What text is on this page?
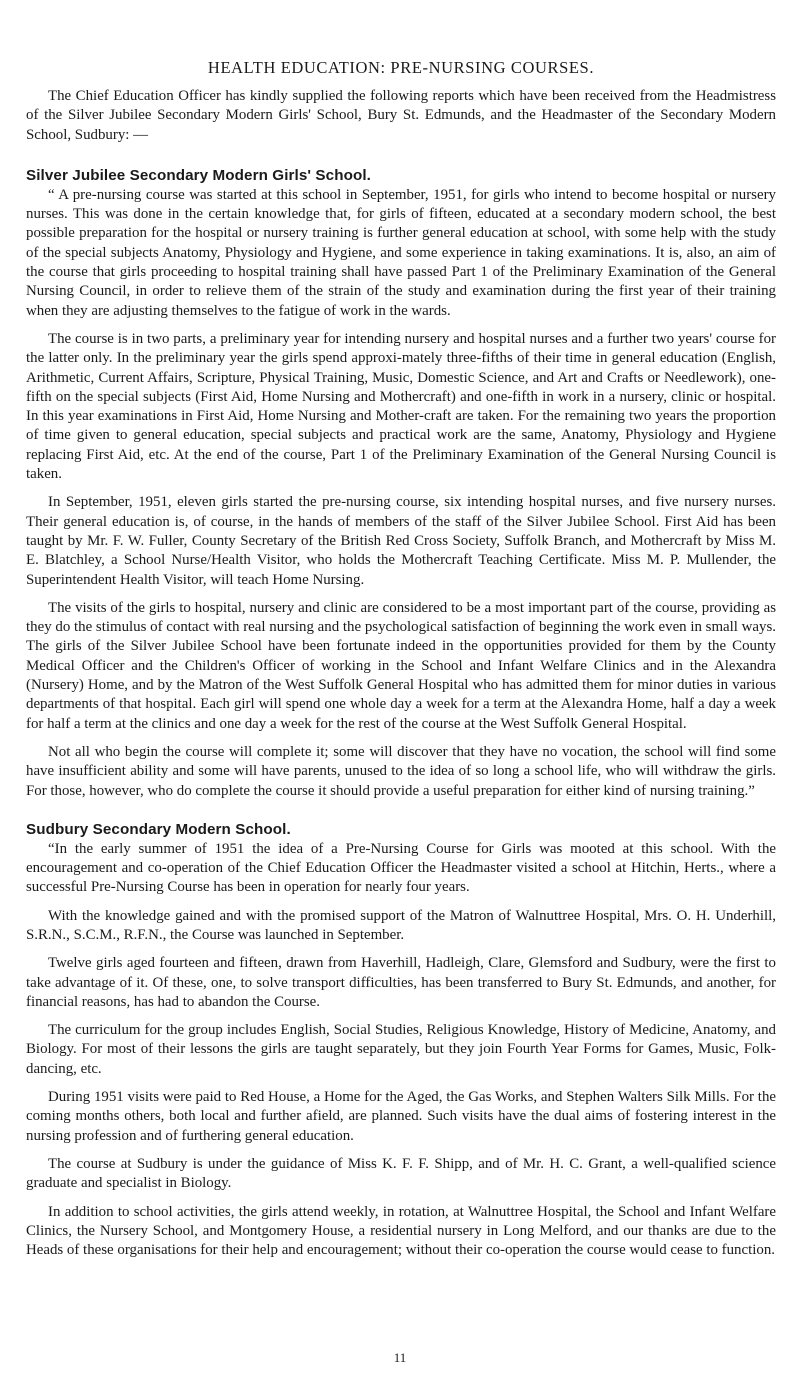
HEALTH EDUCATION: PRE-NURSING COURSES.

The Chief Education Officer has kindly supplied the following reports which have been received from the Headmistress of the Silver Jubilee Secondary Modern Girls' School, Bury St. Edmunds, and the Headmaster of the Secondary Modern School, Sudbury: —

Silver Jubilee Secondary Modern Girls' School.

“ A pre-nursing course was started at this school in September, 1951, for girls who intend to become hospital or nursery nurses. This was done in the certain knowledge that, for girls of fifteen, educated at a secondary modern school, the best possible preparation for the hospital or nursery training is further general education at school, with some help with the study of the special subjects Anatomy, Physiology and Hygiene, and some experience in taking examinations. It is, also, an aim of the course that girls proceeding to hospital training shall have passed Part 1 of the Preliminary Examination of the General Nursing Council, in order to relieve them of the strain of the study and examination during the first year of their training when they are adjusting themselves to the fatigue of work in the wards.

The course is in two parts, a preliminary year for intending nursery and hospital nurses and a further two years' course for the latter only. In the preliminary year the girls spend approxi-mately three-fifths of their time in general education (English, Arithmetic, Current Affairs, Scripture, Physical Training, Music, Domestic Science, and Art and Crafts or Needlework), one-fifth on the special subjects (First Aid, Home Nursing and Mothercraft) and one-fifth in work in a nursery, clinic or hospital. In this year examinations in First Aid, Home Nursing and Mother-craft are taken. For the remaining two years the proportion of time given to general education, special subjects and practical work are the same, Anatomy, Physiology and Hygiene replacing First Aid, etc. At the end of the course, Part 1 of the Preliminary Examination of the General Nursing Council is taken.

In September, 1951, eleven girls started the pre-nursing course, six intending hospital nurses, and five nursery nurses. Their general education is, of course, in the hands of members of the staff of the Silver Jubilee School. First Aid has been taught by Mr. F. W. Fuller, County Secretary of the British Red Cross Society, Suffolk Branch, and Mothercraft by Miss M. E. Blatchley, a School Nurse/Health Visitor, who holds the Mothercraft Teaching Certificate. Miss M. P. Mullender, the Superintendent Health Visitor, will teach Home Nursing.

The visits of the girls to hospital, nursery and clinic are considered to be a most important part of the course, providing as they do the stimulus of contact with real nursing and the psychological satisfaction of beginning the work even in small ways. The girls of the Silver Jubilee School have been fortunate indeed in the opportunities provided for them by the County Medical Officer and the Children's Officer of working in the School and Infant Welfare Clinics and in the Alexandra (Nursery) Home, and by the Matron of the West Suffolk General Hospital who has admitted them for minor duties in various departments of that hospital. Each girl will spend one whole day a week for a term at the Alexandra Home, half a day a week for half a term at the clinics and one day a week for the rest of the course at the West Suffolk General Hospital.

Not all who begin the course will complete it; some will discover that they have no vocation, the school will find some have insufficient ability and some will have parents, unused to the idea of so long a school life, who will withdraw the girls. For those, however, who do complete the course it should provide a useful preparation for either kind of nursing training.”

Sudbury Secondary Modern School.

“In the early summer of 1951 the idea of a Pre-Nursing Course for Girls was mooted at this school. With the encouragement and co-operation of the Chief Education Officer the Headmaster visited a school at Hitchin, Herts., where a successful Pre-Nursing Course has been in operation for nearly four years.

With the knowledge gained and with the promised support of the Matron of Walnuttree Hospital, Mrs. O. H. Underhill, S.R.N., S.C.M., R.F.N., the Course was launched in September.

Twelve girls aged fourteen and fifteen, drawn from Haverhill, Hadleigh, Clare, Glemsford and Sudbury, were the first to take advantage of it. Of these, one, to solve transport difficulties, has been transferred to Bury St. Edmunds, and another, for financial reasons, has had to abandon the Course.

The curriculum for the group includes English, Social Studies, Religious Knowledge, History of Medicine, Anatomy, and Biology. For most of their lessons the girls are taught separately, but they join Fourth Year Forms for Games, Music, Folk-dancing, etc.

During 1951 visits were paid to Red House, a Home for the Aged, the Gas Works, and Stephen Walters Silk Mills. For the coming months others, both local and further afield, are planned. Such visits have the dual aims of fostering interest in the nursing profession and of furthering general education.

The course at Sudbury is under the guidance of Miss K. F. F. Shipp, and of Mr. H. C. Grant, a well-qualified science graduate and specialist in Biology.

In addition to school activities, the girls attend weekly, in rotation, at Walnuttree Hospital, the School and Infant Welfare Clinics, the Nursery School, and Montgomery House, a residential nursery in Long Melford, and our thanks are due to the Heads of these organisations for their help and encouragement; without their co-operation the course would cease to function.

11
